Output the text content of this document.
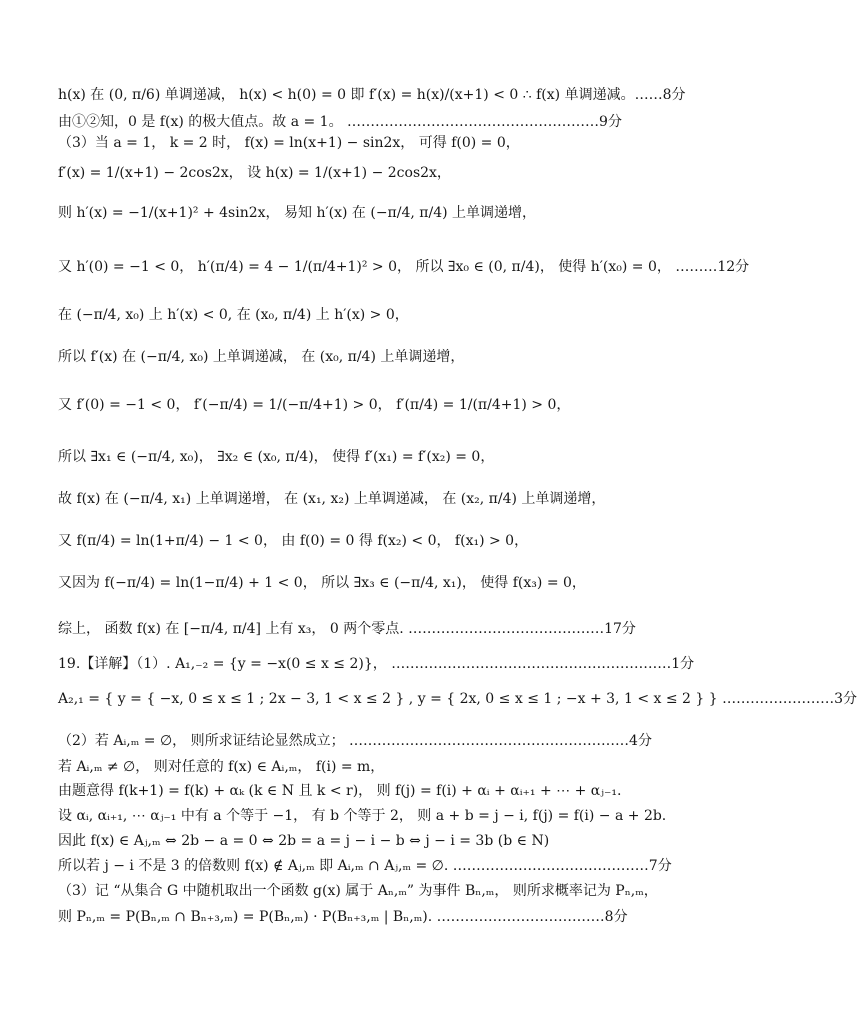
h(x) 在 (0, π/6) 单调递减， h(x) < h(0) = 0 即 f′(x) = h(x)/(x+1) < 0 ∴ f(x) 单调递减。……8分
由①②知，0 是 f(x) 的极大值点。故 a = 1。 ………………………………………………9分
（3）当 a = 1， k = 2 时， f(x) = ln(x+1) − sin2x， 可得 f(0) = 0，
f′(x) = 1/(x+1) − 2cos2x， 设 h(x) = 1/(x+1) − 2cos2x，
则 h′(x) = −1/(x+1)² + 4sin2x， 易知 h′(x) 在 (−π/4, π/4) 上单调递增，
又 h′(0) = −1 < 0， h′(π/4) = 4 − 1/(π/4+1)² > 0， 所以 ∃x₀ ∈ (0, π/4)， 使得 h′(x₀) = 0， ………12分
在 (−π/4, x₀) 上 h′(x) < 0, 在 (x₀, π/4) 上 h′(x) > 0，
所以 f′(x) 在 (−π/4, x₀) 上单调递减， 在 (x₀, π/4) 上单调递增，
又 f′(0) = −1 < 0， f′(−π/4) = 1/(−π/4+1) > 0， f′(π/4) = 1/(π/4+1) > 0，
所以 ∃x₁ ∈ (−π/4, x₀)， ∃x₂ ∈ (x₀, π/4)， 使得 f′(x₁) = f′(x₂) = 0，
故 f(x) 在 (−π/4, x₁) 上单调递增， 在 (x₁, x₂) 上单调递减， 在 (x₂, π/4) 上单调递增，
又 f(π/4) = ln(1+π/4) − 1 < 0， 由 f(0) = 0 得 f(x₂) < 0， f(x₁) > 0，
又因为 f(−π/4) = ln(1−π/4) + 1 < 0， 所以 ∃x₃ ∈ (−π/4, x₁)， 使得 f(x₃) = 0，
综上， 函数 f(x) 在 [−π/4, π/4] 上有 x₃， 0 两个零点. ……………………………………17分
19.【详解】（1）. A₁,₋₂ = {y = −x(0 ≤ x ≤ 2)}， ……………………………………………………1分
A₂,₁ = { y = { −x, 0 ≤ x ≤ 1 ; 2x − 3, 1 < x ≤ 2 } , y = { 2x, 0 ≤ x ≤ 1 ; −x + 3, 1 < x ≤ 2 } } ……………………3分
（2）若 Aᵢ,ₘ = ∅， 则所求证结论显然成立； ……………………………………………………4分
若 Aᵢ,ₘ ≠ ∅， 则对任意的 f(x) ∈ Aᵢ,ₘ， f(i) = m，
由题意得 f(k+1) = f(k) + αₖ (k ∈ N 且 k < r)， 则 f(j) = f(i) + αᵢ + αᵢ₊₁ + ⋯ + αⱼ₋₁.
设 αᵢ, αᵢ₊₁, ⋯ αⱼ₋₁ 中有 a 个等于 −1， 有 b 个等于 2， 则 a + b = j − i, f(j) = f(i) − a + 2b.
因此 f(x) ∈ Aⱼ,ₘ ⇔ 2b − a = 0 ⇔ 2b = a = j − i − b ⇔ j − i = 3b (b ∈ N)
所以若 j − i 不是 3 的倍数则 f(x) ∉ Aⱼ,ₘ 即 Aᵢ,ₘ ∩ Aⱼ,ₘ = ∅. ……………………………………7分
（3）记 “从集合 G 中随机取出一个函数 g(x) 属于 Aₙ,ₘ” 为事件 Bₙ,ₘ， 则所求概率记为 Pₙ,ₘ，
则 Pₙ,ₘ = P(Bₙ,ₘ ∩ Bₙ₊₃,ₘ) = P(Bₙ,ₘ) · P(Bₙ₊₃,ₘ | Bₙ,ₘ). ………………………………8分
